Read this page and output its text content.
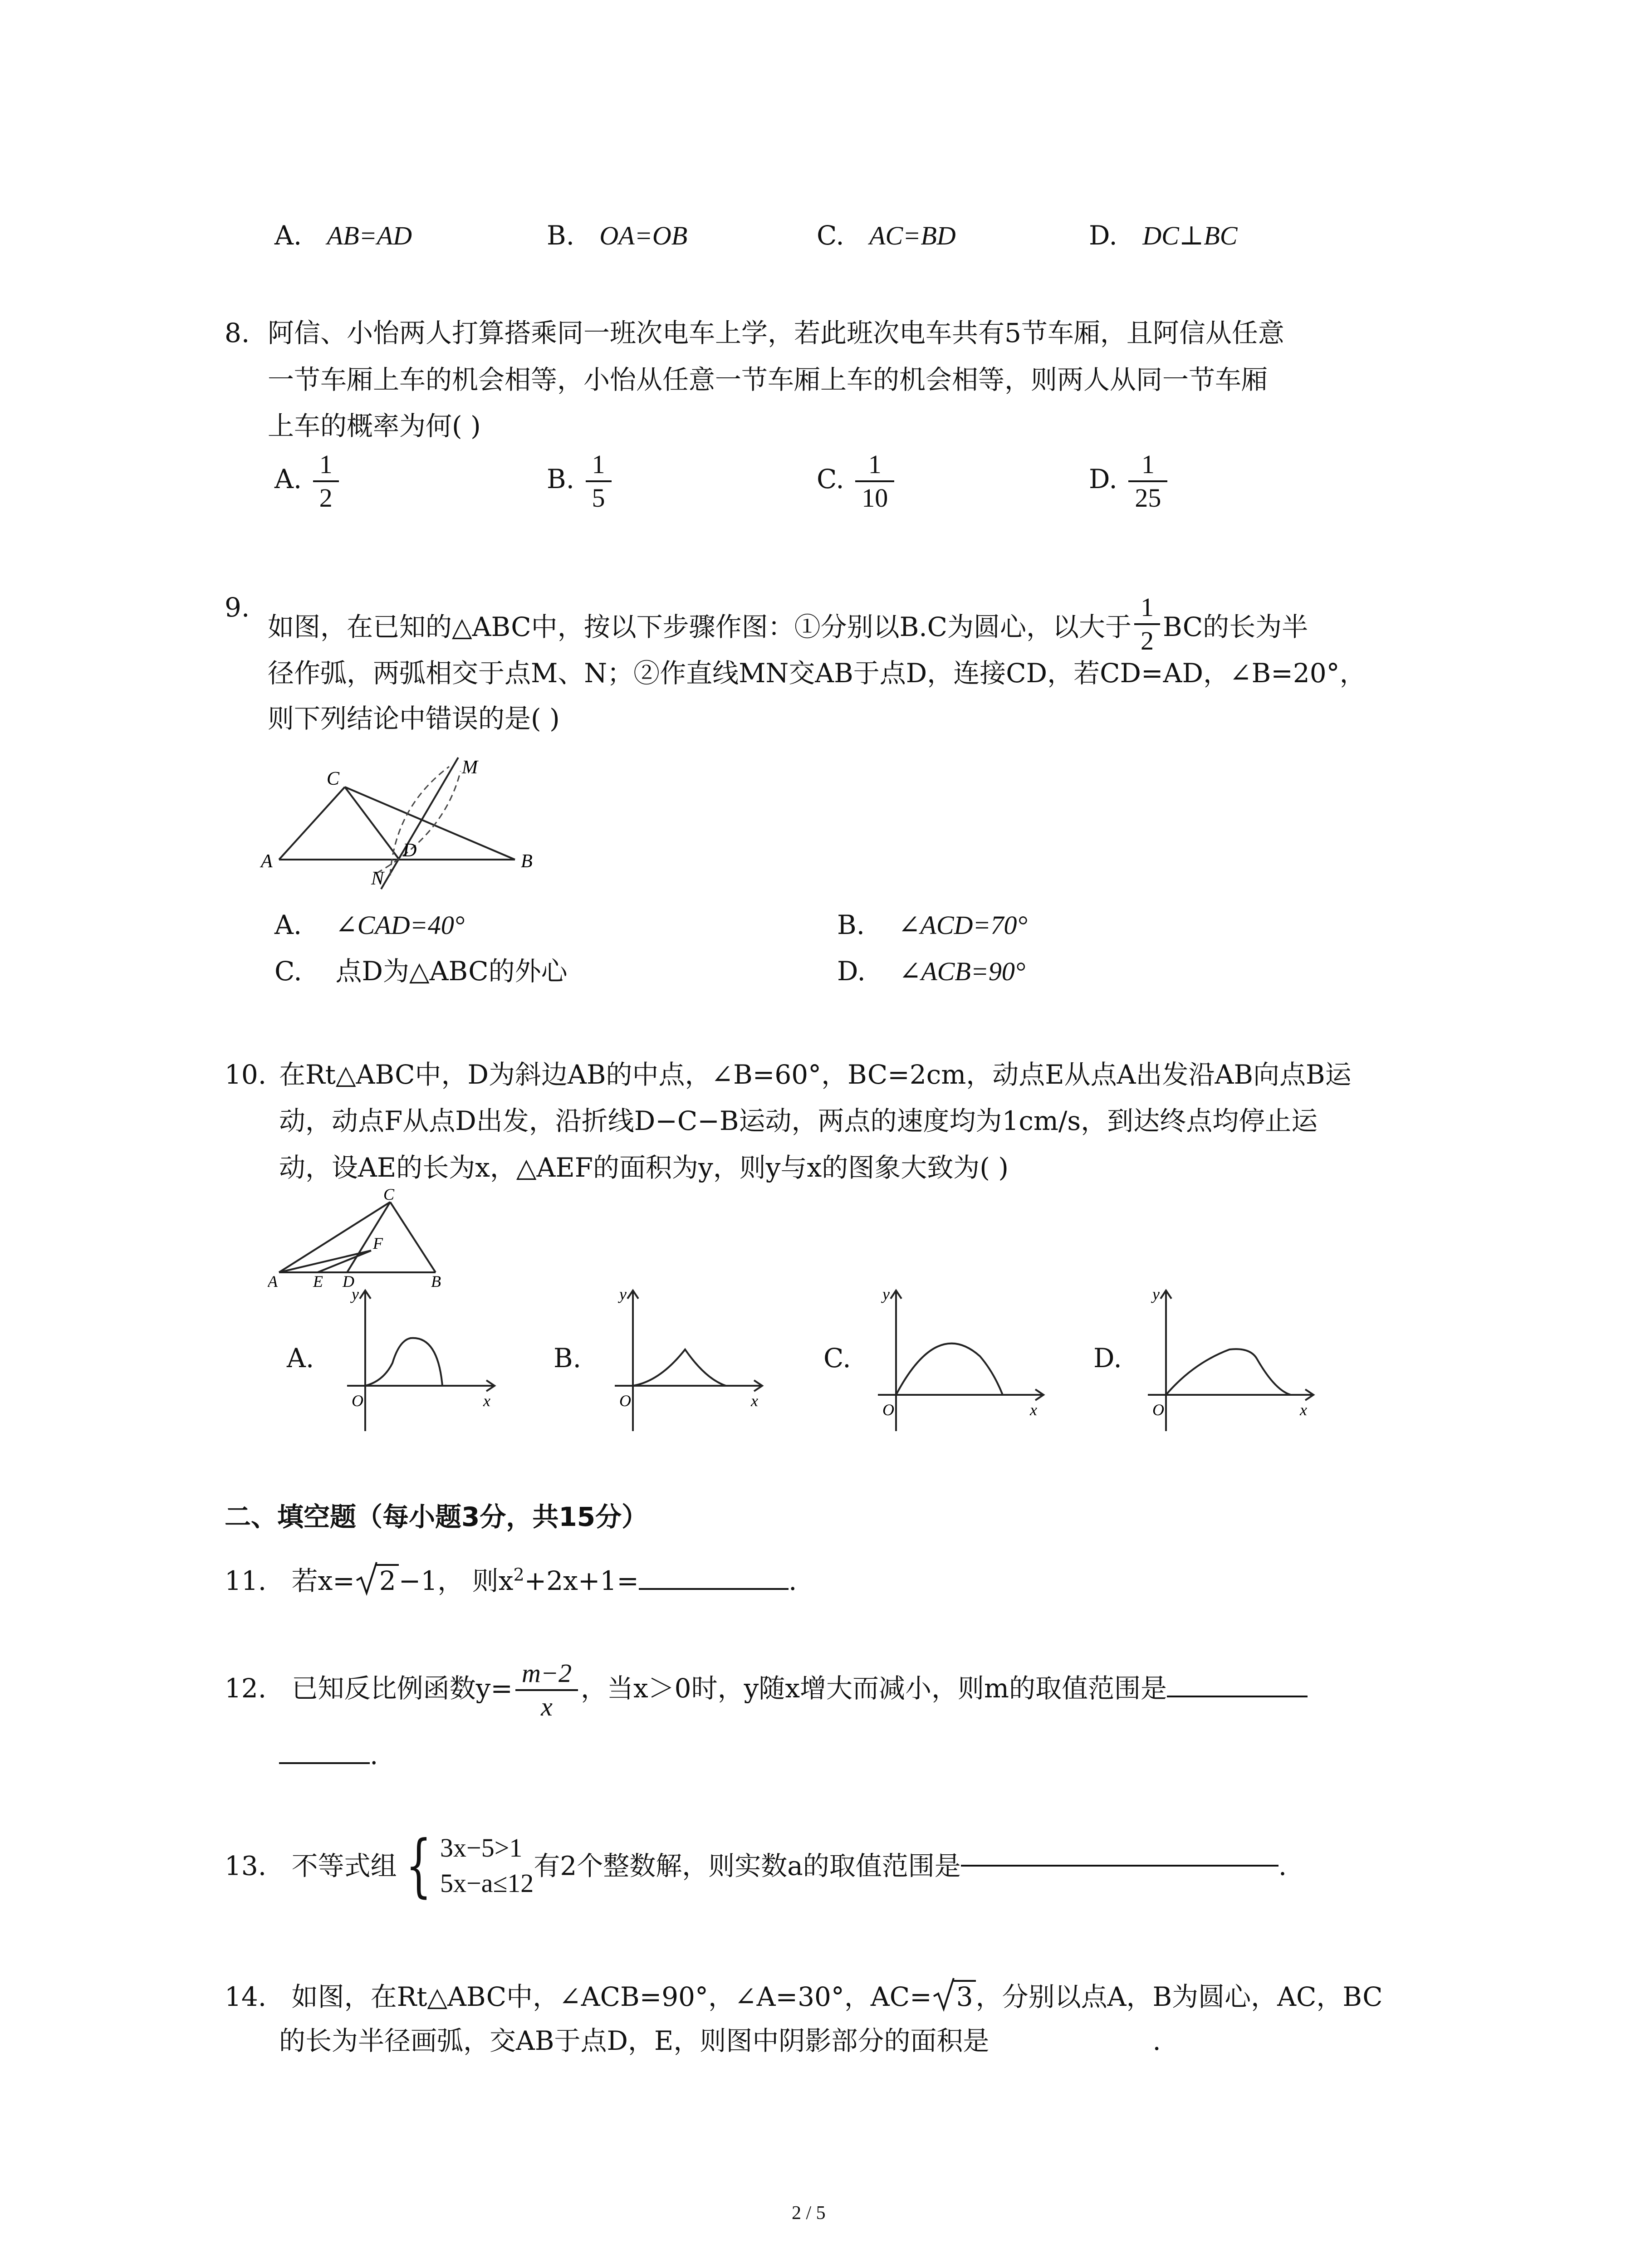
A. AB=AD	B. OA=OB	C. AC=BD	D. DC⊥BC
8. 阿信、小怡两人打算搭乘同一班次电车上学，若此班次电车共有5节车厢，且阿信从任意
一节车厢上车的机会相等，小怡从任意一节车厢上车的机会相等，则两人从同一节车厢
上车的概率为何( )
A. $\frac{1}{2}$	B. $\frac{1}{5}$	C. $\frac{1}{10}$	D. $\frac{1}{25}$
9.
如图，在已知的△ABC中，按以下步骤作图：①分别以B.C为圆心，以大于 $\frac{1}{2}$ BC的长为半
径作弧，两弧相交于点M、N；②作直线MN交AB于点D，连接CD，若CD=AD，∠B=20°，
则下列结论中错误的是( )
C
A	B
D
M
N
A. ∠CAD=40°	B. ∠ACD=70°
C. 点D为△ABC的外心	D. ∠ACB=90°
10. 在Rt△ABC中，D为斜边AB的中点，∠B=60°，BC=2cm，动点E从点A出发沿AB向点B运
动，动点F从点D出发，沿折线D−C−B运动，两点的速度均为1cm/s，到达终点均停止运
动，设AE的长为x，△AEF的面积为y，则y与x的图象大致为( )
C
A E D	B
F
A.
y
O	x
B.
y
O	x
C.
y
O	x
D.
y
O	x
二、填空题（每小题3分，共15分）
11. 若x= 2 −1， 则$x^2+2x+1=$	.
12. 已知反比例函数$y= \frac{m-2}{x}$ ，当x＞0时，y随x增大而减小，则m的取值范围是
.
13. 不等式组 { 3x−5>1
5x−a≤12
有2个整数解，则实数a的取值范围是	.
14. 如图，在Rt△ABC中，∠ACB=90°，∠A=30°，AC= 3 ，分别以点A，B为圆心，AC，BC
的长为半径画弧，交AB于点D，E，则图中阴影部分的面积是	.
2 / 5
